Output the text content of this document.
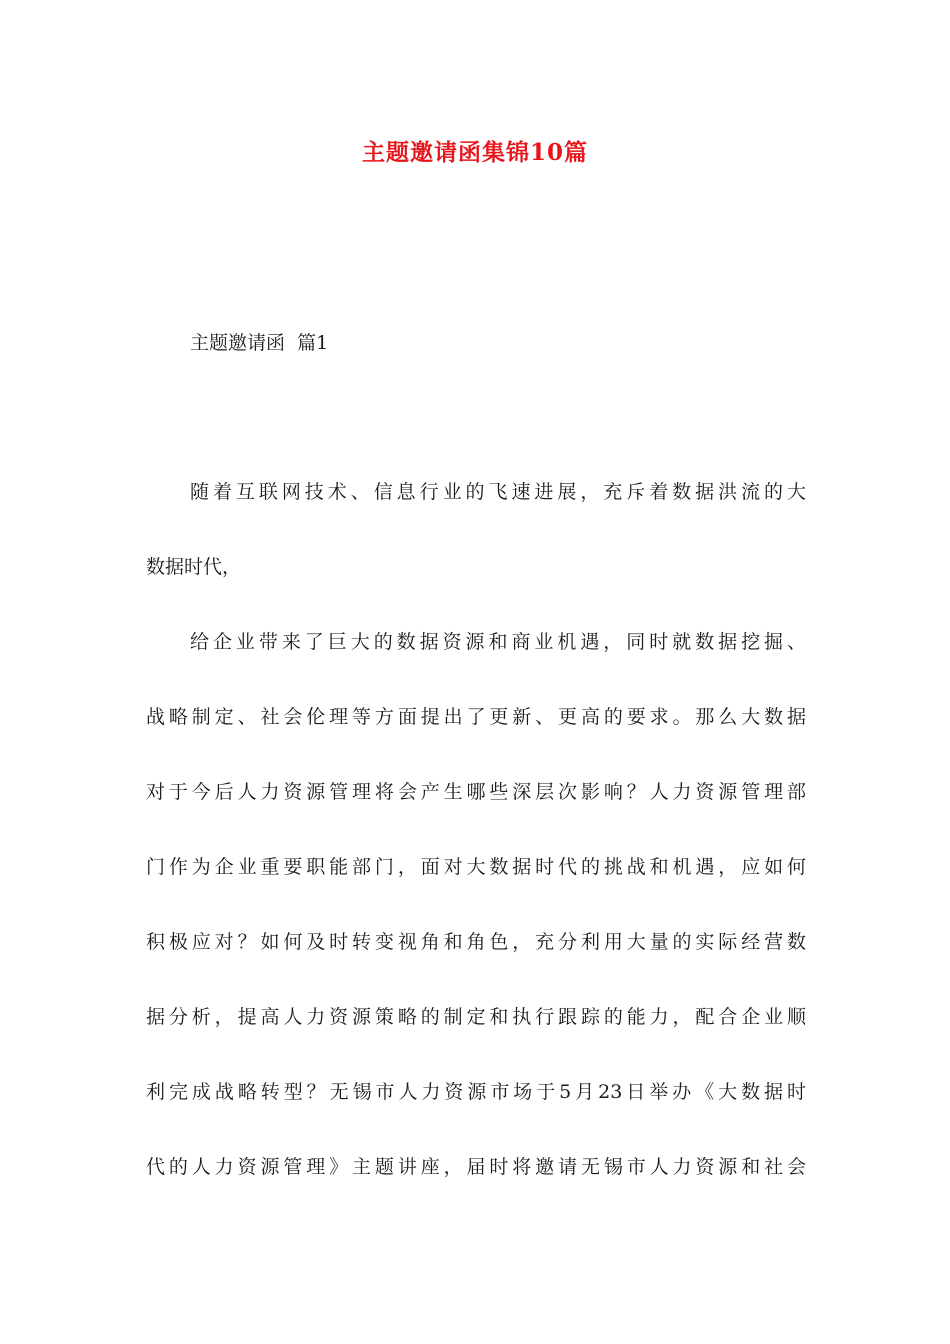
主题邀请函集锦10篇
主题邀请函  篇1
随着互联网技术、信息行业的飞速进展，充斥着数据洪流的大
数据时代，
给企业带来了巨大的数据资源和商业机遇，同时就数据挖掘、
战略制定、社会伦理等方面提出了更新、更高的要求。那么大数据
对于今后人力资源管理将会产生哪些深层次影响？人力资源管理部
门作为企业重要职能部门，面对大数据时代的挑战和机遇，应如何
积极应对？如何及时转变视角和角色，充分利用大量的实际经营数
据分析，提高人力资源策略的制定和执行跟踪的能力，配合企业顺
利完成战略转型？无锡市人力资源市场于5月23日举办《大数据时
代的人力资源管理》主题讲座，届时将邀请无锡市人力资源和社会
